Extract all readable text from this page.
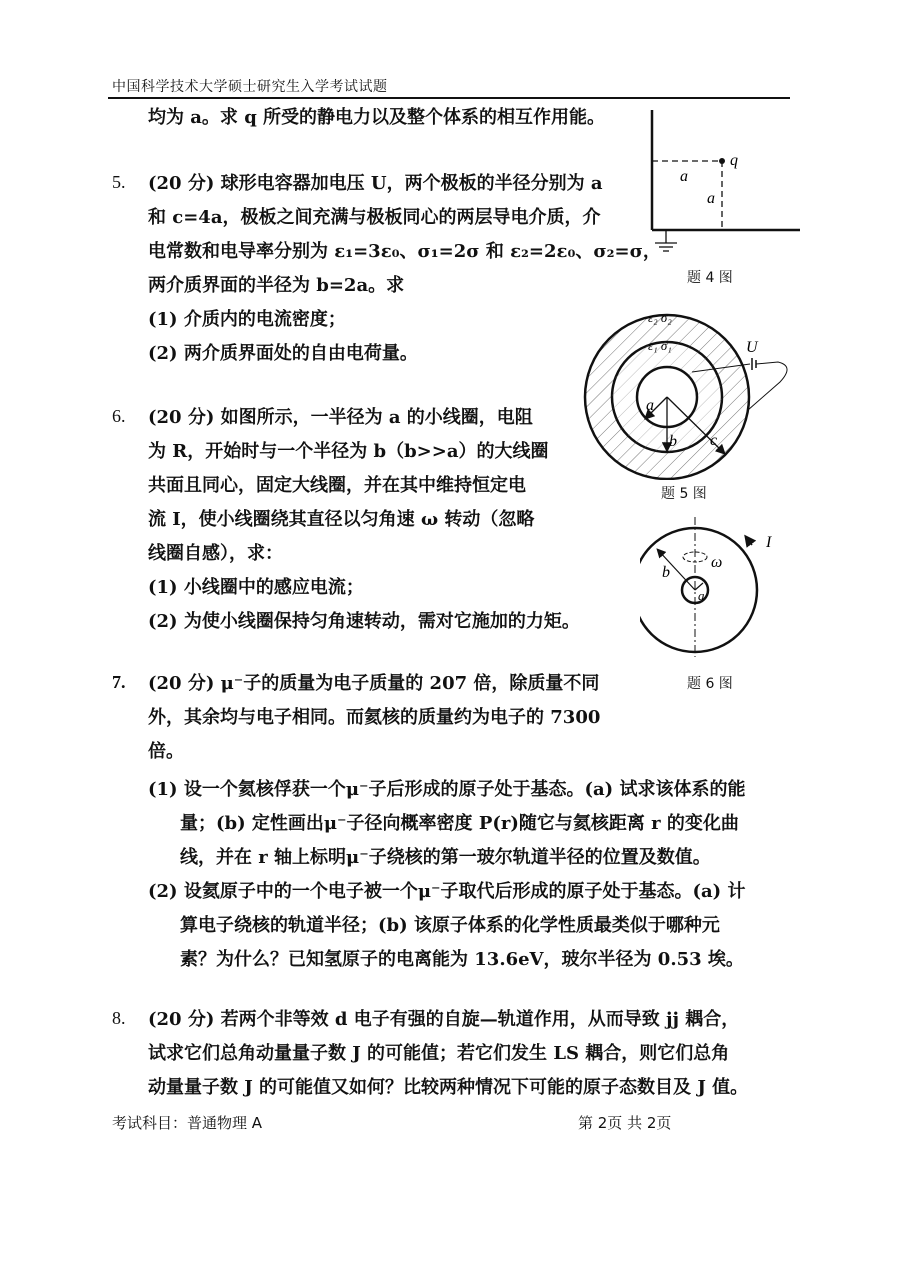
中国科学技术大学硕士研究生入学考试试题
均为 a。求 q 所受的静电力以及整个体系的相互作用能。
5. (20 分) 球形电容器加电压 U，两个极板的半径分别为 a
和 c=4a，极板之间充满与极板同心的两层导电介质，介
电常数和电导率分别为 ε₁=3ε₀、σ₁=2σ 和 ε₂=2ε₀、σ₂=σ，
两介质界面的半径为 b=2a。求
(1) 介质内的电流密度；
(2) 两介质界面处的自由电荷量。
6. (20 分) 如图所示，一半径为 a 的小线圈，电阻
为 R，开始时与一个半径为 b（b>>a）的大线圈
共面且同心，固定大线圈，并在其中维持恒定电
流 I，使小线圈绕其直径以匀角速 ω 转动（忽略
线圈自感），求：
(1) 小线圈中的感应电流；
(2) 为使小线圈保持匀角速转动，需对它施加的力矩。
7. (20 分) μ⁻子的质量为电子质量的 207 倍，除质量不同
外，其余均与电子相同。而氦核的质量约为电子的 7300
倍。
(1) 设一个氦核俘获一个μ⁻子后形成的原子处于基态。(a) 试求该体系的能
量；(b) 定性画出μ⁻子径向概率密度 P(r)随它与氦核距离 r 的变化曲
线，并在 r 轴上标明μ⁻子绕核的第一玻尔轨道半径的位置及数值。
(2) 设氦原子中的一个电子被一个μ⁻子取代后形成的原子处于基态。(a) 计
算电子绕核的轨道半径；(b) 该原子体系的化学性质最类似于哪种元
素？为什么？已知氢原子的电离能为 13.6eV，玻尔半径为 0.53 埃。
8. (20 分) 若两个非等效 d 电子有强的自旋—轨道作用，从而导致 jj 耦合，
试求它们总角动量量子数 J 的可能值；若它们发生 LS 耦合，则它们总角
动量量子数 J 的可能值又如何？比较两种情况下可能的原子态数目及 J 值。
q
a
a
题 4 图
a
b c
ε₂ σ₂
ε₁ σ₁	U
题 5 图
I
ω
b
a
题 6 图
考试科目：普通物理 A	第 2页 共 2页
